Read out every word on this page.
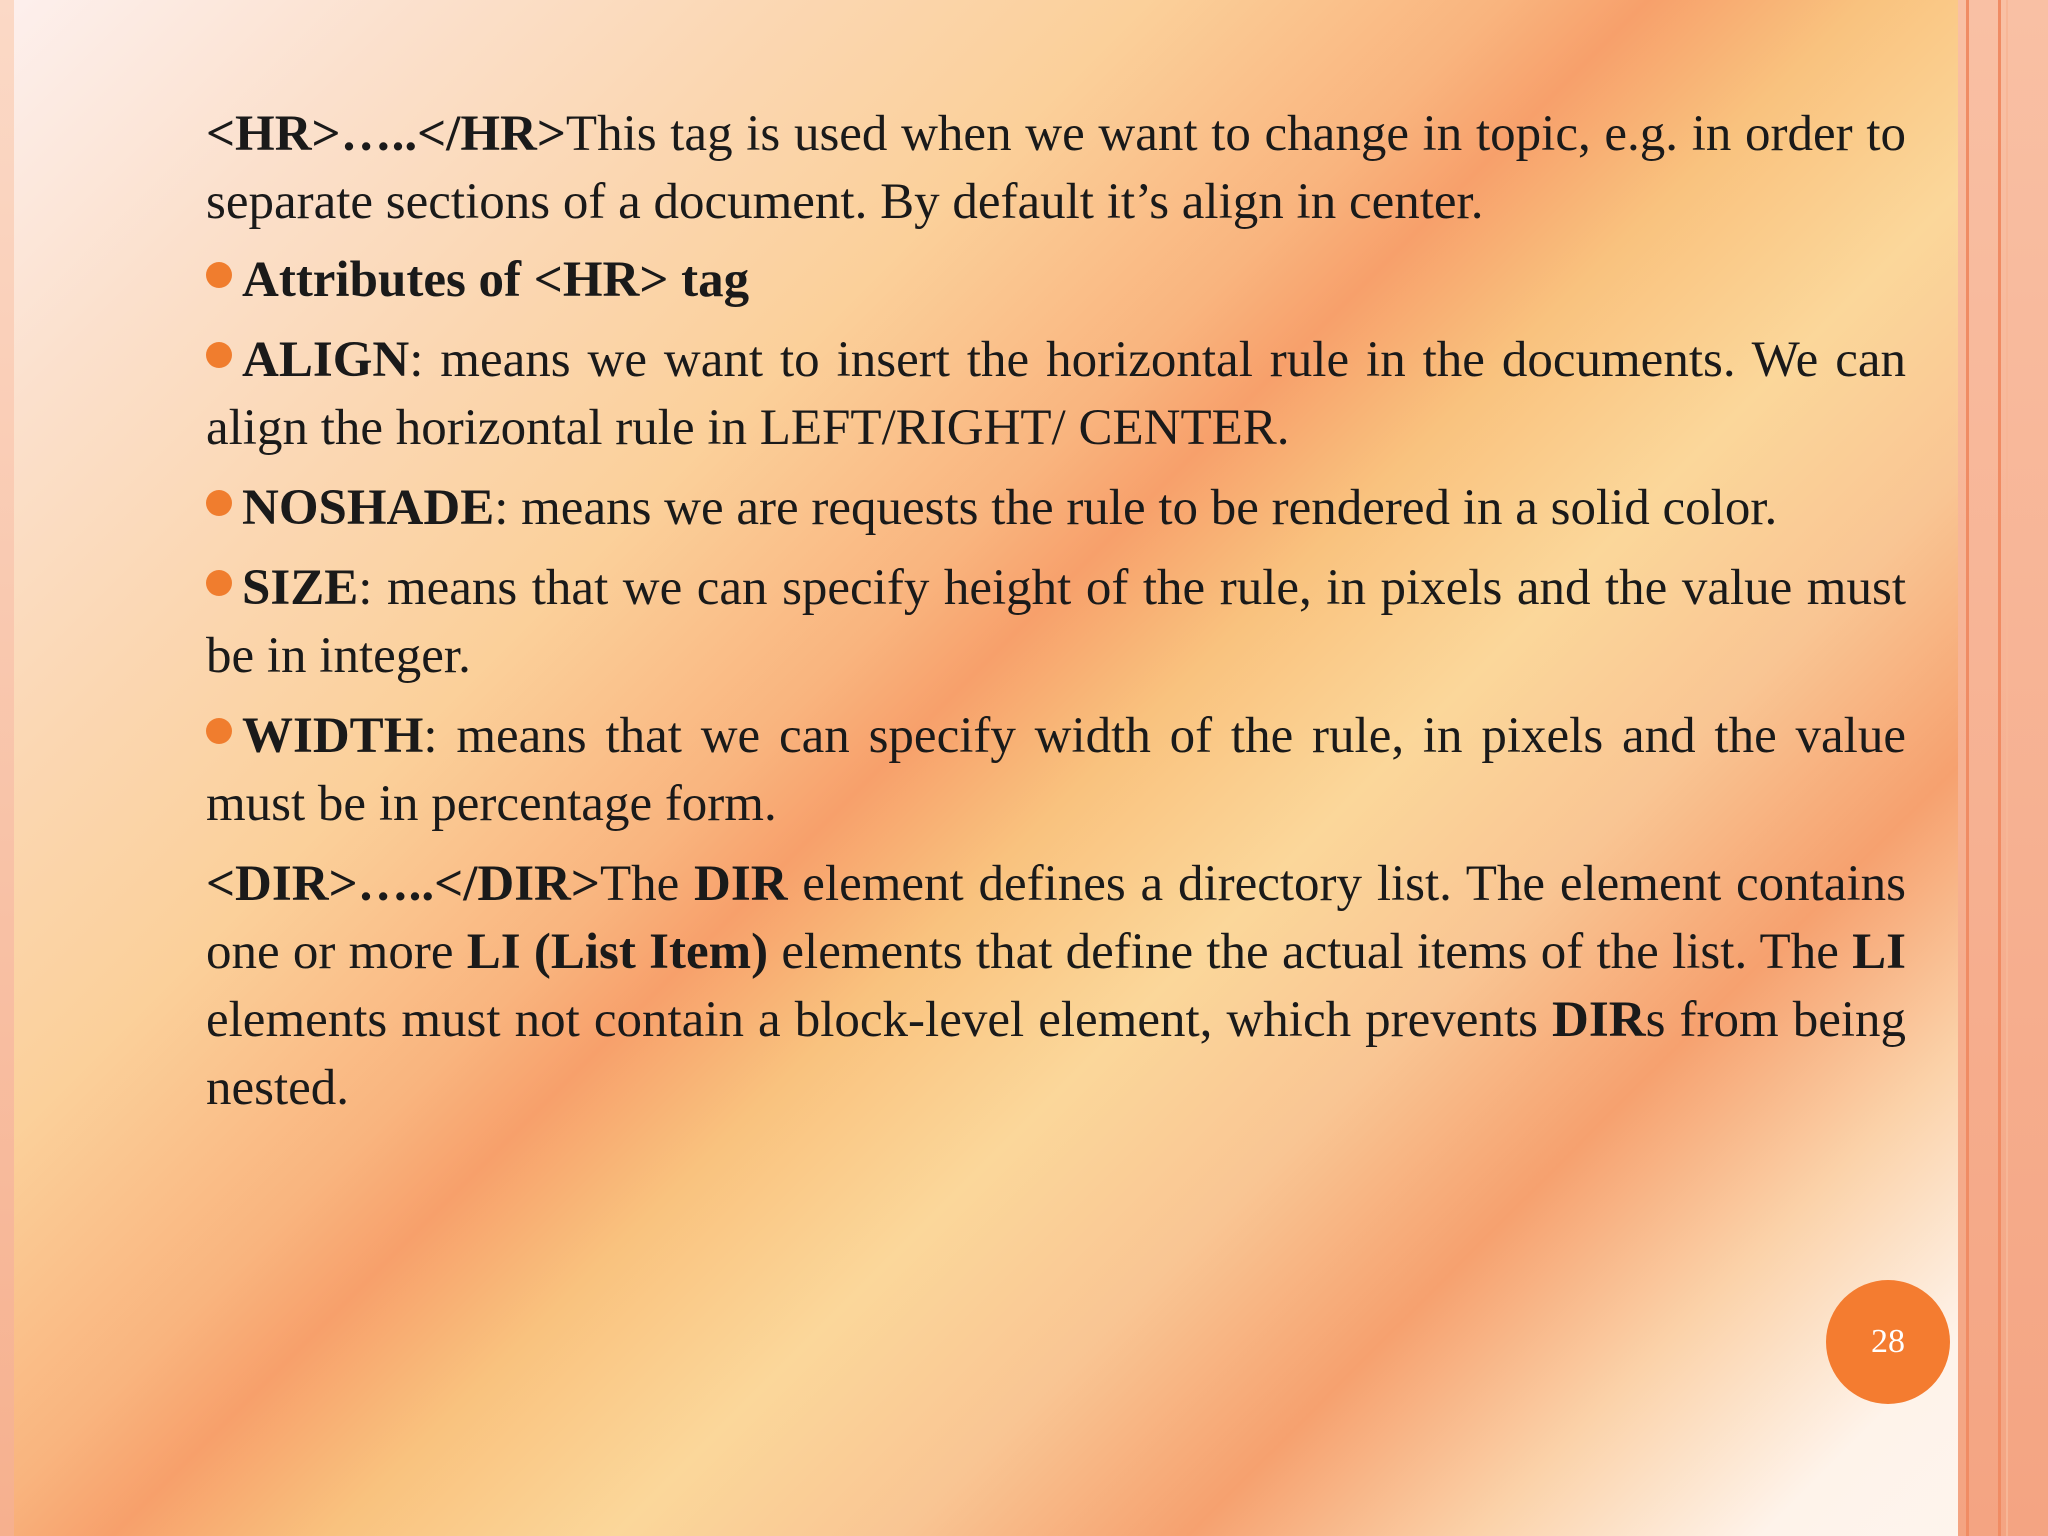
<HR>…..</HR>This tag is used when we want to change in topic, e.g. in order to separate sections of a document. By default it’s align in center.

Attributes of <HR> tag

ALIGN: means we want to insert the horizontal rule in the documents. We can align the horizontal rule in LEFT/RIGHT/ CENTER.

NOSHADE: means we are requests the rule to be rendered in a solid color.

SIZE: means that we can specify height of the rule, in pixels and the value must be in integer.

WIDTH: means that we can specify width of the rule, in pixels and the value must be in percentage form.

<DIR>…..</DIR>The DIR element defines a directory list. The element contains one or more LI (List Item) elements that define the actual items of the list. The LI elements must not contain a block-level element, which prevents DIRs from being nested.

28
